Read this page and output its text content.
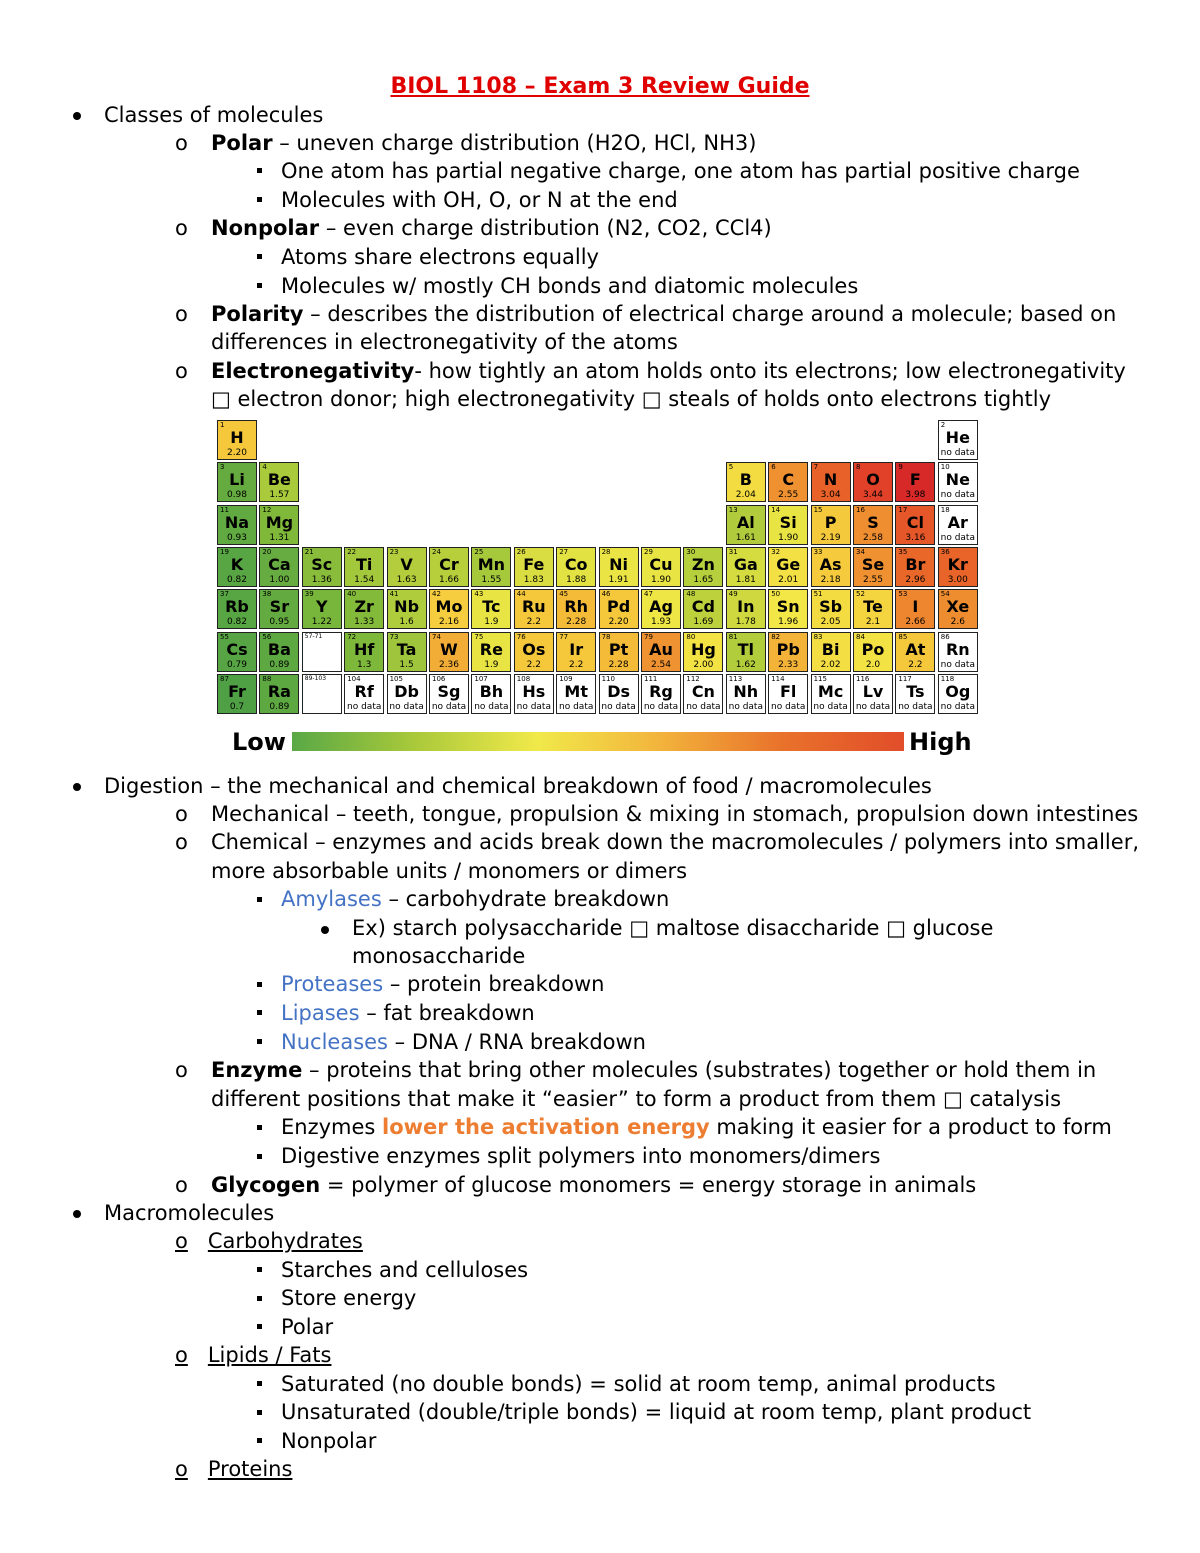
BIOL 1108 – Exam 3 Review Guide
Classes of molecules
o Polar – uneven charge distribution (H2O, HCl, NH3)
One atom has partial negative charge, one atom has partial positive charge
Molecules with OH, O, or N at the end
o Nonpolar – even charge distribution (N2, CO2, CCl4)
Atoms share electrons equally
Molecules w/ mostly CH bonds and diatomic molecules
o Polarity – describes the distribution of electrical charge around a molecule; based on
differences in electronegativity of the atoms
o Electronegativity- how tightly an atom holds onto its electrons; low electronegativity
□ electron donor; high electronegativity □ steals of holds onto electrons tightly
1
H
2.20
2
He
no data
3
Li
0.98
4
Be
1.57
5
B
2.04
6
C
2.55
7
N
3.04
8
O
3.44
9
F
3.98
10
Ne
no data
11
Na
0.93
12
Mg
1.31
13
Al
1.61
14
Si
1.90
15
P
2.19
16
S
2.58
17
Cl
3.16
18
Ar
no data
19
K
0.82
20
Ca
1.00
21
Sc
1.36
22
Ti
1.54
23
V
1.63
24
Cr
1.66
25
Mn
1.55
26
Fe
1.83
27
Co
1.88
28
Ni
1.91
29
Cu
1.90
30
Zn
1.65
31
Ga
1.81
32
Ge
2.01
33
As
2.18
34
Se
2.55
35
Br
2.96
36
Kr
3.00
37
Rb
0.82
38
Sr
0.95
39
Y
1.22
40
Zr
1.33
41
Nb
1.6
42
Mo
2.16
43
Tc
1.9
44
Ru
2.2
45
Rh
2.28
46
Pd
2.20
47
Ag
1.93
48
Cd
1.69
49
In
1.78
50
Sn
1.96
51
Sb
2.05
52
Te
2.1
53
I
2.66
54
Xe
2.6
55
Cs
0.79
56
Ba
0.89
72
Hf
1.3
73
Ta
1.5
74
W
2.36
75
Re
1.9
76
Os
2.2
77
Ir
2.2
78
Pt
2.28
79
Au
2.54
80
Hg
2.00
81
Tl
1.62
82
Pb
2.33
83
Bi
2.02
84
Po
2.0
85
At
2.2
86
Rn
no data
87
Fr
0.7
88
Ra
0.89
104
Rf
no data
105
Db
no data
106
Sg
no data
107
Bh
no data
108
Hs
no data
109
Mt
no data
110
Ds
no data
111
Rg
no data
112
Cn
no data
113
Nh
no data
114
Fl
no data
115
Mc
no data
116
Lv
no data
117
Ts
no data
118
Og
no data
57-71
89-103
Low	High
Digestion – the mechanical and chemical breakdown of food / macromolecules
o Mechanical – teeth, tongue, propulsion & mixing in stomach, propulsion down intestines
o Chemical – enzymes and acids break down the macromolecules / polymers into smaller,
more absorbable units / monomers or dimers
Amylases – carbohydrate breakdown
Ex) starch polysaccharide □ maltose disaccharide □ glucose
monosaccharide
Proteases – protein breakdown
Lipases – fat breakdown
Nucleases – DNA / RNA breakdown
o Enzyme – proteins that bring other molecules (substrates) together or hold them in
different positions that make it “easier” to form a product from them □ catalysis
Enzymes lower the activation energy making it easier for a product to form
Digestive enzymes split polymers into monomers/dimers
o Glycogen = polymer of glucose monomers = energy storage in animals
Macromolecules
o Carbohydrates
Starches and celluloses
Store energy
Polar
o Lipids / Fats
Saturated (no double bonds) = solid at room temp, animal products
Unsaturated (double/triple bonds) = liquid at room temp, plant product
Nonpolar
o Proteins
